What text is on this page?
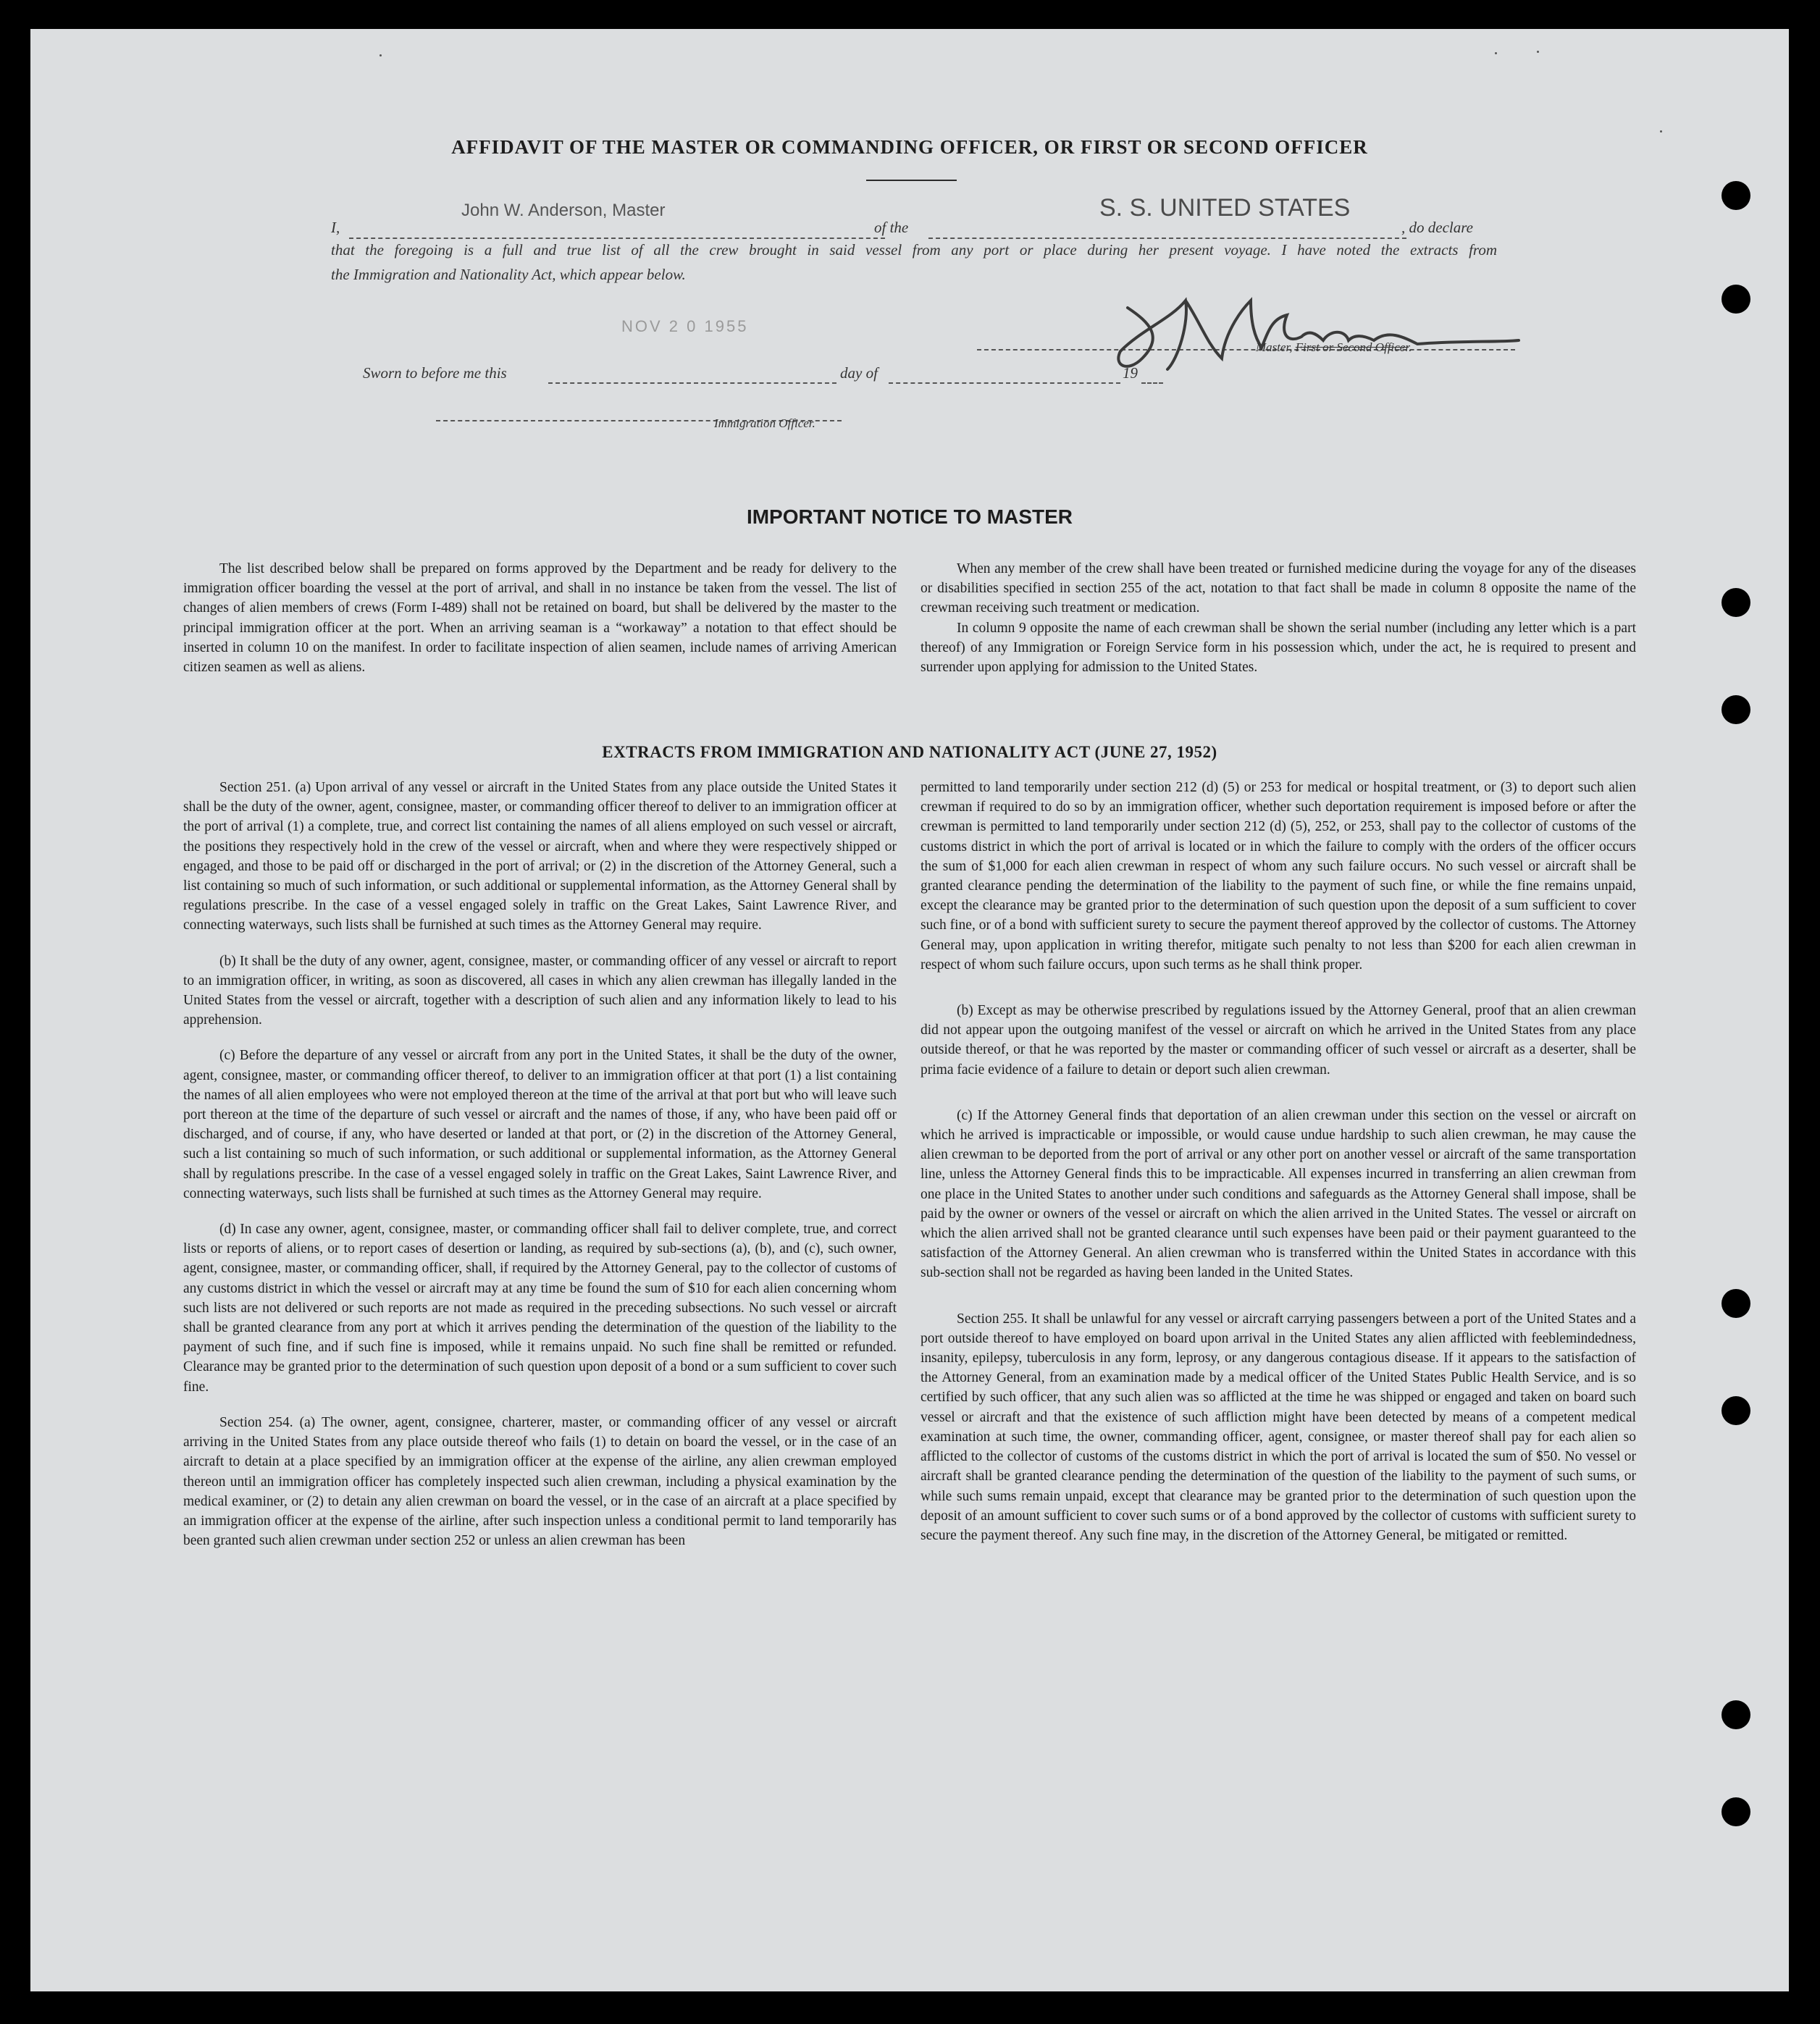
AFFIDAVIT OF THE MASTER OR COMMANDING OFFICER, OR FIRST OR SECOND OFFICER
I,
John W. Anderson, Master
of the
S. S. UNITED STATES
, do declare
that the foregoing is a full and true list of all the crew brought in said vessel from any port or place during her present voyage. I have noted the extracts from
the Immigration and Nationality Act, which appear below.
NOV 2 0 1955
Master, First or Second Officer.
Sworn to before me this	day of	19
Immigration Officer.
IMPORTANT NOTICE TO MASTER

The list described below shall be prepared on forms approved by the Department and be ready for delivery to the immigration officer boarding the vessel at the port of arrival, and shall in no instance be taken from the vessel. The list of changes of alien members of crews (Form I-489) shall not be retained on board, but shall be delivered by the master to the principal immigration officer at the port. When an arriving seaman is a “workaway” a notation to that effect should be inserted in column 10 on the manifest. In order to facilitate inspection of alien seamen, include names of arriving American citizen seamen as well as aliens.

When any member of the crew shall have been treated or furnished medicine during the voyage for any of the diseases or disabilities specified in section 255 of the act, notation to that fact shall be made in column 8 opposite the name of the crewman receiving such treatment or medication.

In column 9 opposite the name of each crewman shall be shown the serial number (including any letter which is a part thereof) of any Immigration or Foreign Service form in his possession which, under the act, he is required to present and surrender upon applying for admission to the United States.

EXTRACTS FROM IMMIGRATION AND NATIONALITY ACT (JUNE 27, 1952)

Section 251. (a) Upon arrival of any vessel or aircraft in the United States from any place outside the United States it shall be the duty of the owner, agent, consignee, master, or commanding officer thereof to deliver to an immigration officer at the port of arrival (1) a complete, true, and correct list containing the names of all aliens employed on such vessel or aircraft, the positions they respectively hold in the crew of the vessel or aircraft, when and where they were respectively shipped or engaged, and those to be paid off or discharged in the port of arrival; or (2) in the discretion of the Attorney General, such a list containing so much of such information, or such additional or supplemental information, as the Attorney General shall by regulations prescribe. In the case of a vessel engaged solely in traffic on the Great Lakes, Saint Lawrence River, and connecting waterways, such lists shall be furnished at such times as the Attorney General may require.

(b) It shall be the duty of any owner, agent, consignee, master, or commanding officer of any vessel or aircraft to report to an immigration officer, in writing, as soon as discovered, all cases in which any alien crewman has illegally landed in the United States from the vessel or aircraft, together with a description of such alien and any information likely to lead to his apprehension.

(c) Before the departure of any vessel or aircraft from any port in the United States, it shall be the duty of the owner, agent, consignee, master, or commanding officer thereof, to deliver to an immigration officer at that port (1) a list containing the names of all alien employees who were not employed thereon at the time of the arrival at that port but who will leave such port thereon at the time of the departure of such vessel or aircraft and the names of those, if any, who have been paid off or discharged, and of course, if any, who have deserted or landed at that port, or (2) in the discretion of the Attorney General, such a list containing so much of such information, or such additional or supplemental information, as the Attorney General shall by regulations prescribe. In the case of a vessel engaged solely in traffic on the Great Lakes, Saint Lawrence River, and connecting waterways, such lists shall be furnished at such times as the Attorney General may require.

(d) In case any owner, agent, consignee, master, or commanding officer shall fail to deliver complete, true, and correct lists or reports of aliens, or to report cases of desertion or landing, as required by sub-sections (a), (b), and (c), such owner, agent, consignee, master, or commanding officer, shall, if required by the Attorney General, pay to the collector of customs of any customs district in which the vessel or aircraft may at any time be found the sum of $10 for each alien concerning whom such lists are not delivered or such reports are not made as required in the preceding subsections. No such vessel or aircraft shall be granted clearance from any port at which it arrives pending the determination of the question of the liability to the payment of such fine, and if such fine is imposed, while it remains unpaid. No such fine shall be remitted or refunded. Clearance may be granted prior to the determination of such question upon deposit of a bond or a sum sufficient to cover such fine.

Section 254. (a) The owner, agent, consignee, charterer, master, or commanding officer of any vessel or aircraft arriving in the United States from any place outside thereof who fails (1) to detain on board the vessel, or in the case of an aircraft to detain at a place specified by an immigration officer at the expense of the airline, any alien crewman employed thereon until an immigration officer has completely inspected such alien crewman, including a physical examination by the medical examiner, or (2) to detain any alien crewman on board the vessel, or in the case of an aircraft at a place specified by an immigration officer at the expense of the airline, after such inspection unless a conditional permit to land temporarily has been granted such alien crewman under section 252 or unless an alien crewman has been

permitted to land temporarily under section 212 (d) (5) or 253 for medical or hospital treatment, or (3) to deport such alien crewman if required to do so by an immigration officer, whether such deportation requirement is imposed before or after the crewman is permitted to land temporarily under section 212 (d) (5), 252, or 253, shall pay to the collector of customs of the customs district in which the port of arrival is located or in which the failure to comply with the orders of the officer occurs the sum of $1,000 for each alien crewman in respect of whom any such failure occurs. No such vessel or aircraft shall be granted clearance pending the determination of the liability to the payment of such fine, or while the fine remains unpaid, except the clearance may be granted prior to the determination of such question upon the deposit of a sum sufficient to cover such fine, or of a bond with sufficient surety to secure the payment thereof approved by the collector of customs. The Attorney General may, upon application in writing therefor, mitigate such penalty to not less than $200 for each alien crewman in respect of whom such failure occurs, upon such terms as he shall think proper.

(b) Except as may be otherwise prescribed by regulations issued by the Attorney General, proof that an alien crewman did not appear upon the outgoing manifest of the vessel or aircraft on which he arrived in the United States from any place outside thereof, or that he was reported by the master or commanding officer of such vessel or aircraft as a deserter, shall be prima facie evidence of a failure to detain or deport such alien crewman.

(c) If the Attorney General finds that deportation of an alien crewman under this section on the vessel or aircraft on which he arrived is impracticable or impossible, or would cause undue hardship to such alien crewman, he may cause the alien crewman to be deported from the port of arrival or any other port on another vessel or aircraft of the same transportation line, unless the Attorney General finds this to be impracticable. All expenses incurred in transferring an alien crewman from one place in the United States to another under such conditions and safeguards as the Attorney General shall impose, shall be paid by the owner or owners of the vessel or aircraft on which the alien arrived in the United States. The vessel or aircraft on which the alien arrived shall not be granted clearance until such expenses have been paid or their payment guaranteed to the satisfaction of the Attorney General. An alien crewman who is transferred within the United States in accordance with this sub-section shall not be regarded as having been landed in the United States.

Section 255. It shall be unlawful for any vessel or aircraft carrying passengers between a port of the United States and a port outside thereof to have employed on board upon arrival in the United States any alien afflicted with feeblemindedness, insanity, epilepsy, tuberculosis in any form, leprosy, or any dangerous contagious disease. If it appears to the satisfaction of the Attorney General, from an examination made by a medical officer of the United States Public Health Service, and is so certified by such officer, that any such alien was so afflicted at the time he was shipped or engaged and taken on board such vessel or aircraft and that the existence of such affliction might have been detected by means of a competent medical examination at such time, the owner, commanding officer, agent, consignee, or master thereof shall pay for each alien so afflicted to the collector of customs of the customs district in which the port of arrival is located the sum of $50. No vessel or aircraft shall be granted clearance pending the determination of the question of the liability to the payment of such sums, or while such sums remain unpaid, except that clearance may be granted prior to the determination of such question upon the deposit of an amount sufficient to cover such sums or of a bond approved by the collector of customs with sufficient surety to secure the payment thereof. Any such fine may, in the discretion of the Attorney General, be mitigated or remitted.
